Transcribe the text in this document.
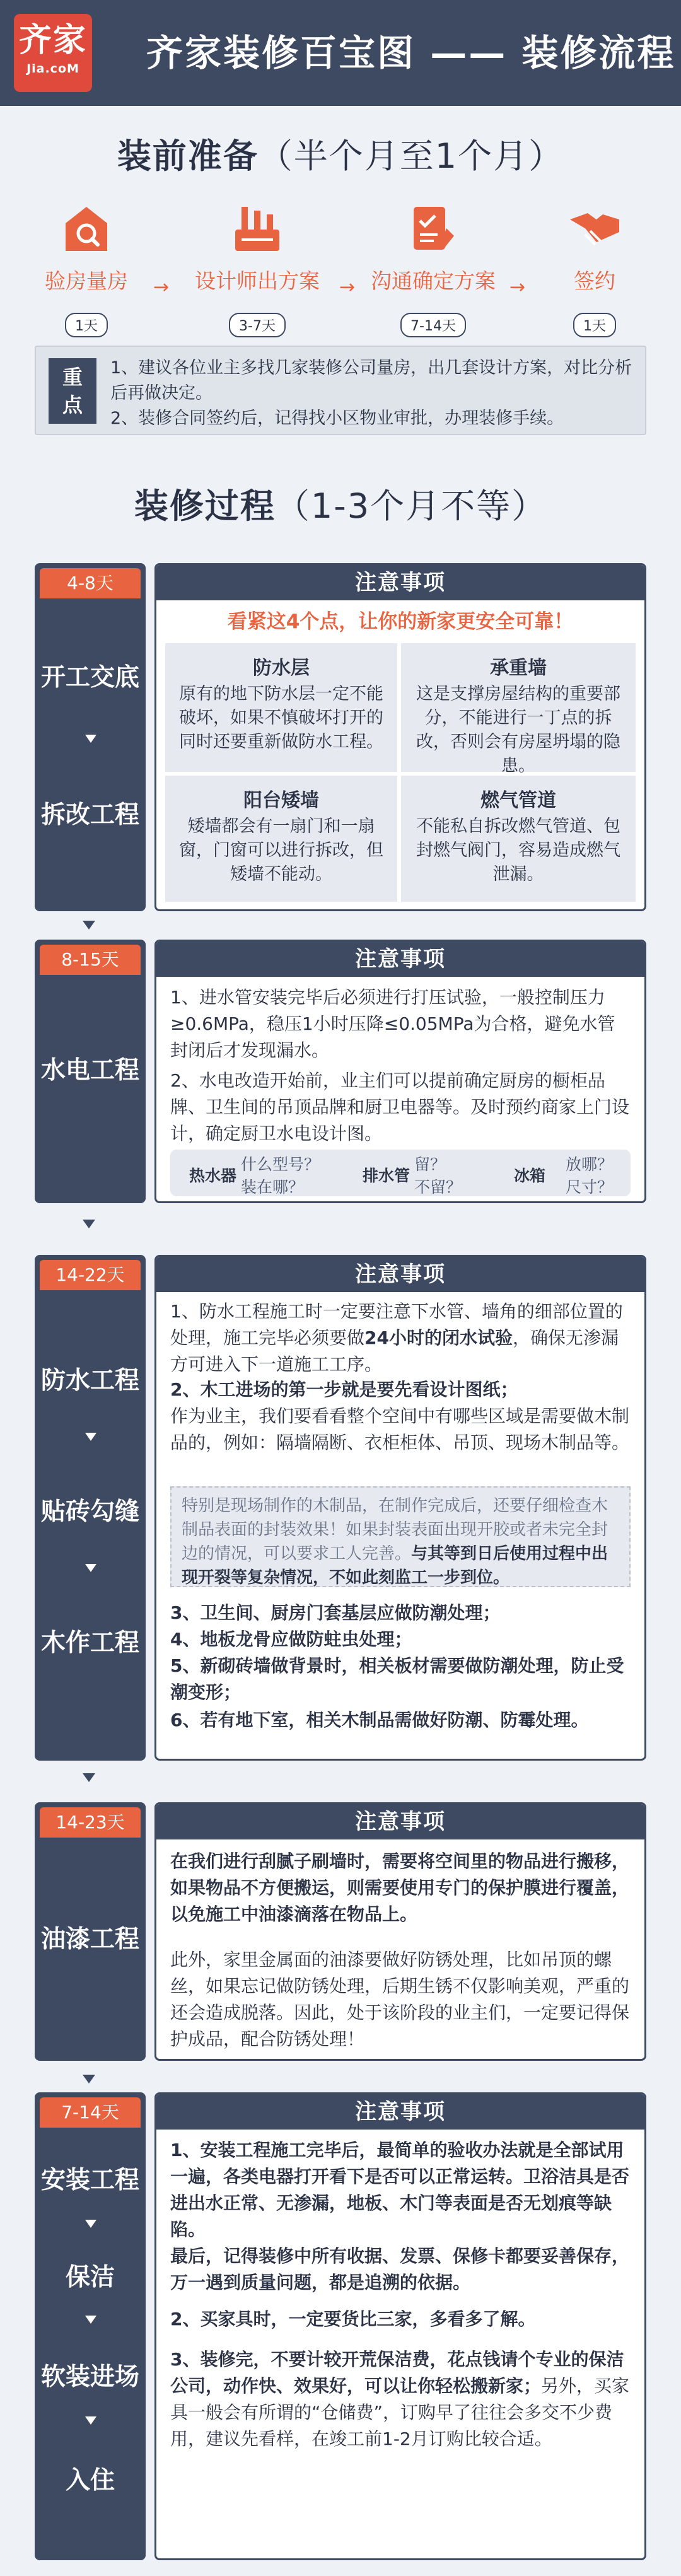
齐家
Jia.coM	齐家装修百宝图 —— 装修流程
装前准备（半个月至1个月）
验房量房

1天
→	设计师出方案

3-7天
→ 沟通确定方案

7-14天
→	签约

1天
重
点
1、建议各位业主多找几家装修公司量房，出几套设计方案，对比分析后再做决定。
2、装修合同签约后，记得找小区物业审批，办理装修手续。
装修过程（1-3个月不等）
4-8天
开工交底
拆改工程
注意事项
看紧这4个点，让你的新家更安全可靠！
防水层
原有的地下防水层一定不能破坏，如果不慎破坏打开的同时还要重新做防水工程。
承重墙
这是支撑房屋结构的重要部分，不能进行一丁点的拆改，否则会有房屋坍塌的隐患。
阳台矮墙
矮墙都会有一扇门和一扇窗，门窗可以进行拆改，但矮墙不能动。
燃气管道
不能私自拆改燃气管道、包封燃气阀门，容易造成燃气泄漏。
8-15天
水电工程
注意事项
1、进水管安装完毕后必须进行打压试验，一般控制压力≥0.6MPa，稳压1小时压降≤0.05MPa为合格，避免水管封闭后才发现漏水。
2、水电改造开始前，业主们可以提前确定厨房的橱柜品牌、卫生间的吊顶品牌和厨卫电器等。及时预约商家上门设计，确定厨卫水电设计图。
热水器
什么型号？
装在哪？
排水管
留？
不留？
冰箱
放哪？
尺寸？
14-22天
防水工程
贴砖勾缝
木作工程
注意事项
1、防水工程施工时一定要注意下水管、墙角的细部位置的处理，施工完毕必须要做24小时的闭水试验，确保无渗漏方可进入下一道施工工序。
2、木工进场的第一步就是要先看设计图纸；
作为业主，我们要看看整个空间中有哪些区域是需要做木制品的，例如：隔墙隔断、衣柜柜体、吊顶、现场木制品等。
特别是现场制作的木制品，在制作完成后，还要仔细检查木制品表面的封装效果！如果封装表面出现开胶或者未完全封边的情况，可以要求工人完善。与其等到日后使用过程中出现开裂等复杂情况，不如此刻监工一步到位。
3、卫生间、厨房门套基层应做防潮处理；
4、地板龙骨应做防蛀虫处理；
5、新砌砖墙做背景时，相关板材需要做防潮处理，防止受潮变形；
6、若有地下室，相关木制品需做好防潮、防霉处理。
14-23天
油漆工程
注意事项
在我们进行刮腻子刷墙时，需要将空间里的物品进行搬移，如果物品不方便搬运，则需要使用专门的保护膜进行覆盖，以免施工中油漆滴落在物品上。
此外，家里金属面的油漆要做好防锈处理，比如吊顶的螺丝，如果忘记做防锈处理，后期生锈不仅影响美观，严重的还会造成脱落。因此，处于该阶段的业主们，一定要记得保护成品，配合防锈处理！
7-14天
安装工程
保洁
软装进场
入住
注意事项
1、安装工程施工完毕后，最简单的验收办法就是全部试用一遍，各类电器打开看下是否可以正常运转。卫浴洁具是否进出水正常、无渗漏，地板、木门等表面是否无划痕等缺陷。
最后，记得装修中所有收据、发票、保修卡都要妥善保存，万一遇到质量问题，都是追溯的依据。
2、买家具时，一定要货比三家，多看多了解。
3、装修完，不要计较开荒保洁费，花点钱请个专业的保洁公司，动作快、效果好，可以让你轻松搬新家；另外，买家具一般会有所谓的“仓储费”，订购早了往往会多交不少费用，建议先看样，在竣工前1-2月订购比较合适。
